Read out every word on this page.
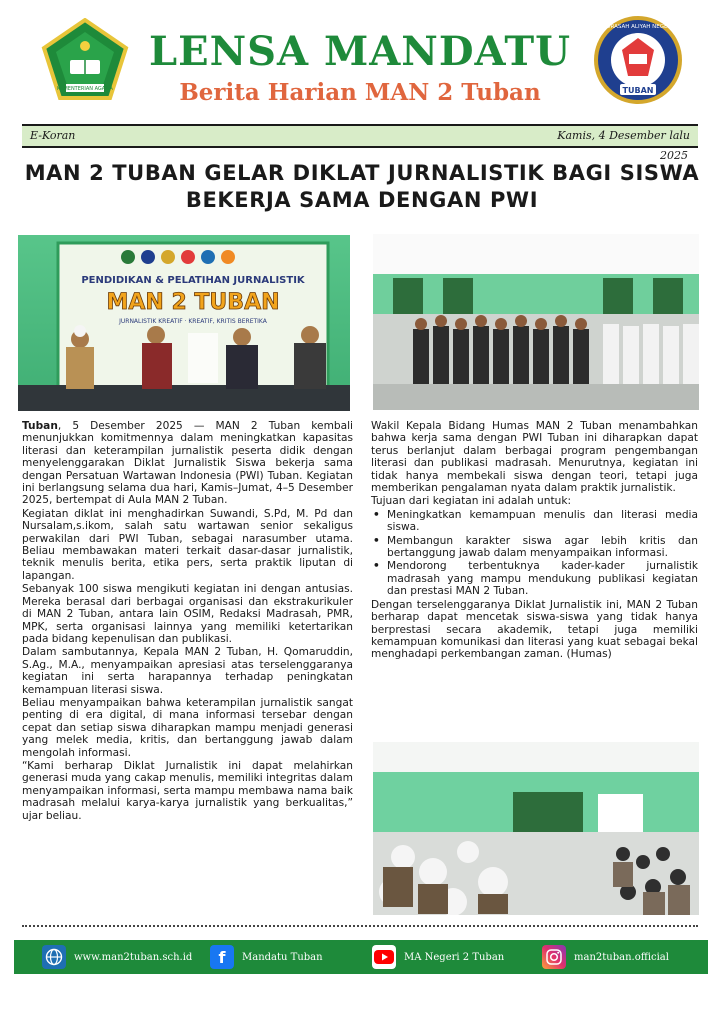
KEMENTERIAN AGAMA
LENSA MANDATU
Berita Harian MAN 2 Tuban
MADRASAH ALIYAH NEGERI 2
TUBAN
E-Koran	Kamis, 4 Desember lalu
2025
MAN 2 TUBAN GELAR DIKLAT JURNALISTIK BAGI SISWA BEKERJA SAMA DENGAN PWI
PENDIDIKAN & PELATIHAN JURNALISTIK
MAN 2 TUBAN
JURNALISTIK KREATIF · KREATIF, KRITIS BERETIKA

Tuban, 5 Desember 2025 — MAN 2 Tuban kembali menunjukkan komitmennya dalam meningkatkan kapasitas literasi dan keterampilan jurnalistik peserta didik dengan menyelenggarakan Diklat Jurnalistik Siswa bekerja sama dengan Persatuan Wartawan Indonesia (PWI) Tuban. Kegiatan ini berlangsung selama dua hari, Kamis–Jumat, 4–5 Desember 2025, bertempat di Aula MAN 2 Tuban.

Kegiatan diklat ini menghadirkan Suwandi, S.Pd, M. Pd dan Nursalam,s.ikom, salah satu wartawan senior sekaligus perwakilan dari PWI Tuban, sebagai narasumber utama. Beliau membawakan materi terkait dasar-dasar jurnalistik, teknik menulis berita, etika pers, serta praktik liputan di lapangan.

Sebanyak 100 siswa mengikuti kegiatan ini dengan antusias. Mereka berasal dari berbagai organisasi dan ekstrakurikuler di MAN 2 Tuban, antara lain OSIM, Redaksi Madrasah, PMR, MPK, serta organisasi lainnya yang memiliki ketertarikan pada bidang kepenulisan dan publikasi.

Dalam sambutannya, Kepala MAN 2 Tuban, H. Qomaruddin, S.Ag., M.A., menyampaikan apresiasi atas terselenggaranya kegiatan ini serta harapannya terhadap peningkatan kemampuan literasi siswa.

Beliau menyampaikan bahwa keterampilan jurnalistik sangat penting di era digital, di mana informasi tersebar dengan cepat dan setiap siswa diharapkan mampu menjadi generasi yang melek media, kritis, dan bertanggung jawab dalam mengolah informasi.

“Kami berharap Diklat Jurnalistik ini dapat melahirkan generasi muda yang cakap menulis, memiliki integritas dalam menyampaikan informasi, serta mampu membawa nama baik madrasah melalui karya-karya jurnalistik yang berkualitas,” ujar beliau.

Wakil Kepala Bidang Humas MAN 2 Tuban menambahkan bahwa kerja sama dengan PWI Tuban ini diharapkan dapat terus berlanjut dalam berbagai program pengembangan literasi dan publikasi madrasah. Menurutnya, kegiatan ini tidak hanya membekali siswa dengan teori, tetapi juga memberikan pengalaman nyata dalam praktik jurnalistik.

Tujuan dari kegiatan ini adalah untuk:

• Meningkatkan kemampuan menulis dan literasi media siswa.
• Membangun karakter siswa agar lebih kritis dan bertanggung jawab dalam menyampaikan informasi.
• Mendorong terbentuknya kader-kader jurnalistik madrasah yang mampu mendukung publikasi kegiatan dan prestasi MAN 2 Tuban.

Dengan terselenggaranya Diklat Jurnalistik ini, MAN 2 Tuban berharap dapat mencetak siswa-siswa yang tidak hanya berprestasi secara akademik, tetapi juga memiliki kemampuan komunikasi dan literasi yang kuat sebagai bekal menghadapi perkembangan zaman. (Humas)

www.man2tuban.sch.id f Mandatu Tuban	MA Negeri 2 Tuban	man2tuban.official
